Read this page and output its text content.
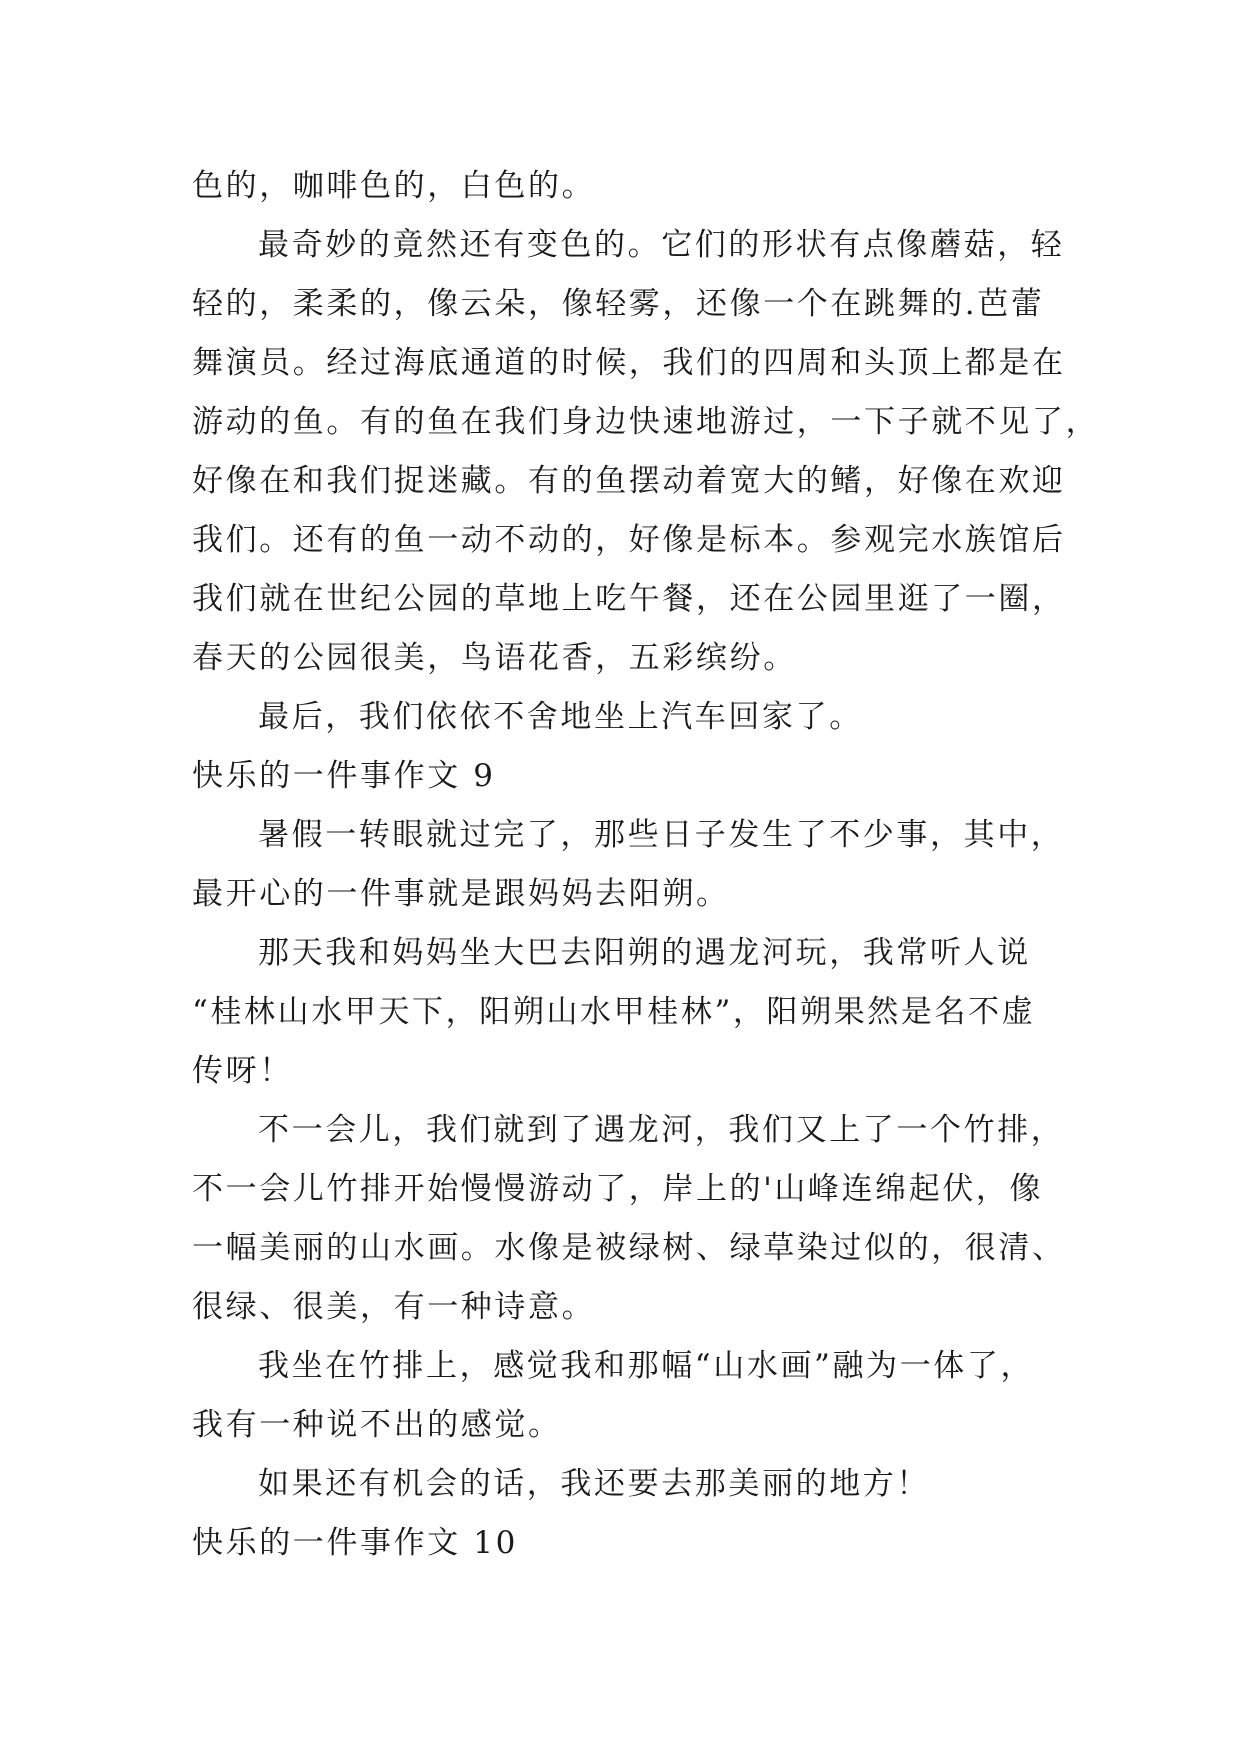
色的，咖啡色的，白色的。

最奇妙的竟然还有变色的。它们的形状有点像蘑菇，轻
轻的，柔柔的，像云朵，像轻雾，还像一个在跳舞的.芭蕾
舞演员。经过海底通道的时候，我们的四周和头顶上都是在
游动的鱼。有的鱼在我们身边快速地游过，一下子就不见了，
好像在和我们捉迷藏。有的鱼摆动着宽大的鳍，好像在欢迎
我们。还有的鱼一动不动的，好像是标本。参观完水族馆后
我们就在世纪公园的草地上吃午餐，还在公园里逛了一圈，
春天的公园很美，鸟语花香，五彩缤纷。

最后，我们依依不舍地坐上汽车回家了。

快乐的一件事作文 9

暑假一转眼就过完了，那些日子发生了不少事，其中，
最开心的一件事就是跟妈妈去阳朔。

那天我和妈妈坐大巴去阳朔的遇龙河玩，我常听人说
“桂林山水甲天下，阳朔山水甲桂林”，阳朔果然是名不虚
传呀！

不一会儿，我们就到了遇龙河，我们又上了一个竹排，
不一会儿竹排开始慢慢游动了，岸上的'山峰连绵起伏，像
一幅美丽的山水画。水像是被绿树、绿草染过似的，很清、
很绿、很美，有一种诗意。

我坐在竹排上，感觉我和那幅“山水画”融为一体了，
我有一种说不出的感觉。

如果还有机会的话，我还要去那美丽的地方！

快乐的一件事作文 10
